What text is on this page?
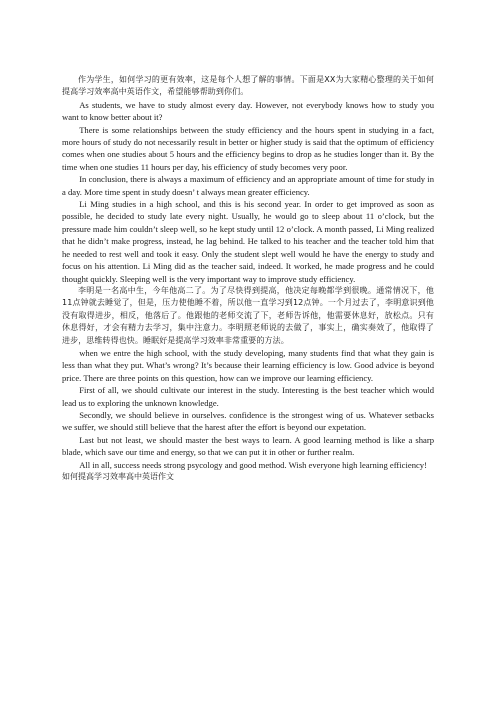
作为学生，如何学习的更有效率，这是每个人想了解的事情。下面是XX为大家精心整理的关于如何提高学习效率高中英语作文，希望能够帮助到你们。

As students, we have to study almost every day. However, not everybody knows how to study you want to know better about it?

There is some relationships between the study efficiency and the hours spent in studying in a fact, more hours of study do not necessarily result in better or higher study is said that the optimum of efficiency comes when one studies about 5 hours and the efficiency begins to drop as he studies longer than it. By the time when one studies 11 hours per day, his efficiency of study becomes very poor.

In conclusion, there is always a maximum of efficiency and an appropriate amount of time for study in a day. More time spent in study doesn’ t always mean greater efficiency.

Li Ming studies in a high school, and this is his second year. In order to get improved as soon as possible, he decided to study late every night. Usually, he would go to sleep about 11 o’clock, but the pressure made him couldn’t sleep well, so he kept study until 12 o’clock. A month passed, Li Ming realized that he didn’t make progress, instead, he lag behind. He talked to his teacher and the teacher told him that he needed to rest well and took it easy. Only the student slept well would he have the energy to study and focus on his attention. Li Ming did as the teacher said, indeed. It worked, he made progress and he could thought quickly. Sleeping well is the very important way to improve study efficiency.

李明是一名高中生，今年他高二了。为了尽快得到提高，他决定每晚都学到很晚。通常情况下，他11点钟就去睡觉了，但是，压力使他睡不着，所以他一直学习到12点钟。一个月过去了，李明意识到他没有取得进步，相反，他落后了。他跟他的老师交流了下，老师告诉他，他需要休息好，放松点。只有休息得好，才会有精力去学习，集中注意力。李明照老师说的去做了，事实上，确实奏效了，他取得了进步，思维转得也快。睡眠好是提高学习效率非常重要的方法。

when we entre the high school, with the study developing, many students find that what they gain is less than what they put. What’s wrong? It’s because their learning efficiency is low. Good advice is beyond price. There are three points on this question, how can we improve our learning efficiency.

First of all, we should cultivate our interest in the study. Interesting is the best teacher which would lead us to exploring the unknown knowledge.

Secondly, we should believe in ourselves. confidence is the strongest wing of us. Whatever setbacks we suffer, we should still believe that the harest after the effort is beyond our expetation.

Last but not least, we should master the best ways to learn. A good learning method is like a sharp blade, which save our time and energy, so that we can put it in other or further realm.

All in all, success needs strong psycology and good method. Wish everyone high learning efficiency!

如何提高学习效率高中英语作文
